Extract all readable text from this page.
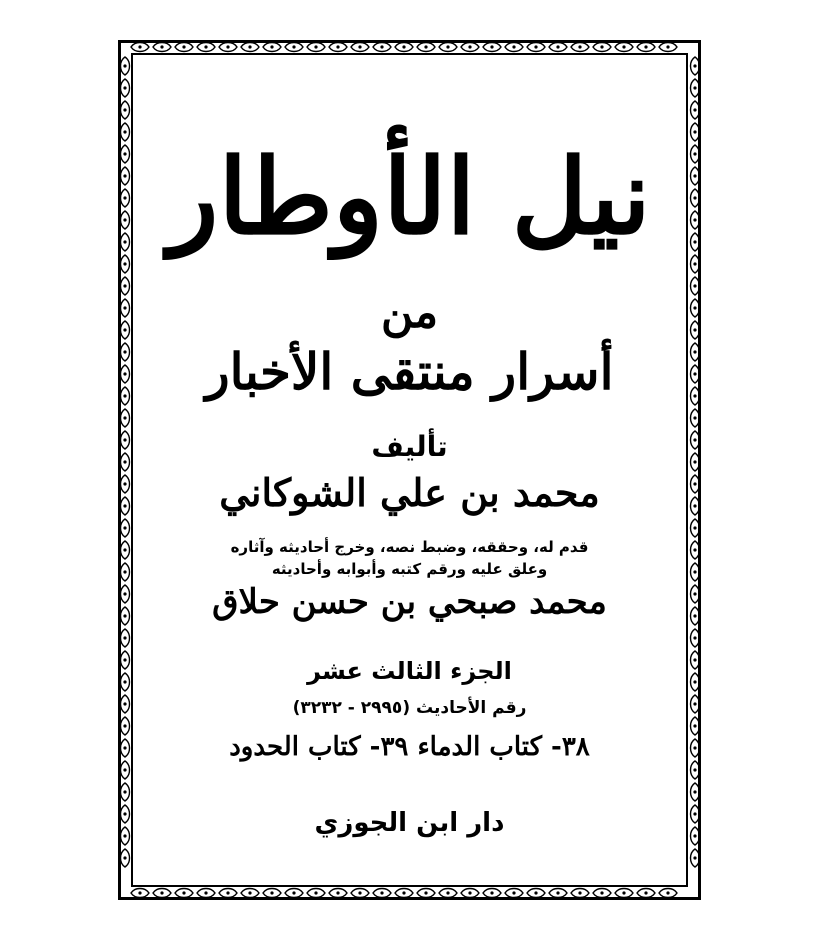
نيل الأوطار
من
أسرار منتقى الأخبار
تأليف
محمد بن علي الشوكاني
قدم له، وحققه، وضبط نصه، وخرج أحاديثه وآثاره
وعلق عليه ورقم كتبه وأبوابه وأحاديثه
محمد صبحي بن حسن حلاق
الجزء الثالث عشر
رقم الأحاديث (٢٩٩٥ - ٣٢٣٢)
٣٨- كتاب الدماء ٣٩- كتاب الحدود
دار ابن الجوزي
